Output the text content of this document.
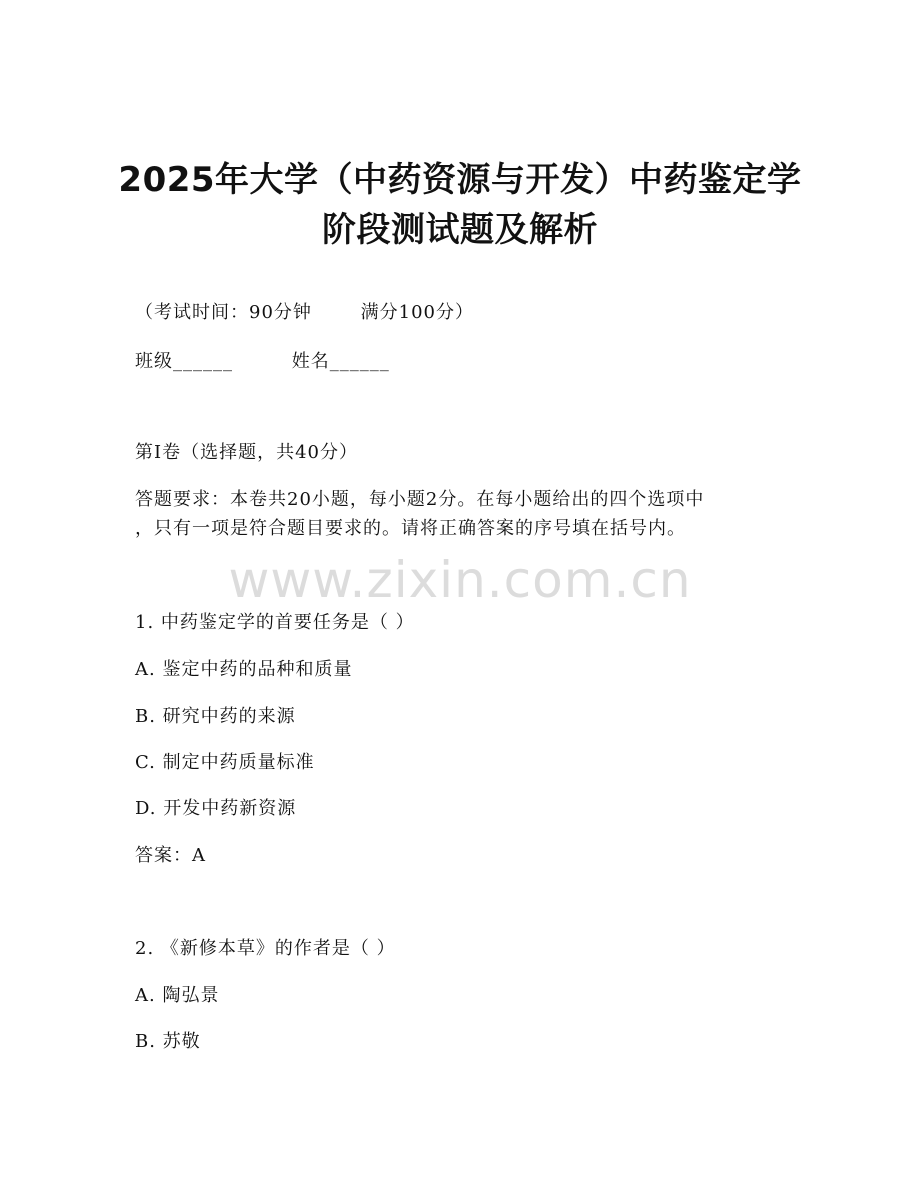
2025年大学（中药资源与开发）中药鉴定学
阶段测试题及解析
（考试时间：90分钟	满分100分）
班级______	姓名______
第I卷（选择题，共40分）
答题要求：本卷共20小题，每小题2分。在每小题给出的四个选项中
，只有一项是符合题目要求的。请将正确答案的序号填在括号内。
www.zixin.com.cn
1. 中药鉴定学的首要任务是（ ）
A. 鉴定中药的品种和质量
B. 研究中药的来源
C. 制定中药质量标准
D. 开发中药新资源
答案：A
2. 《新修本草》的作者是（ ）
A. 陶弘景
B. 苏敬
